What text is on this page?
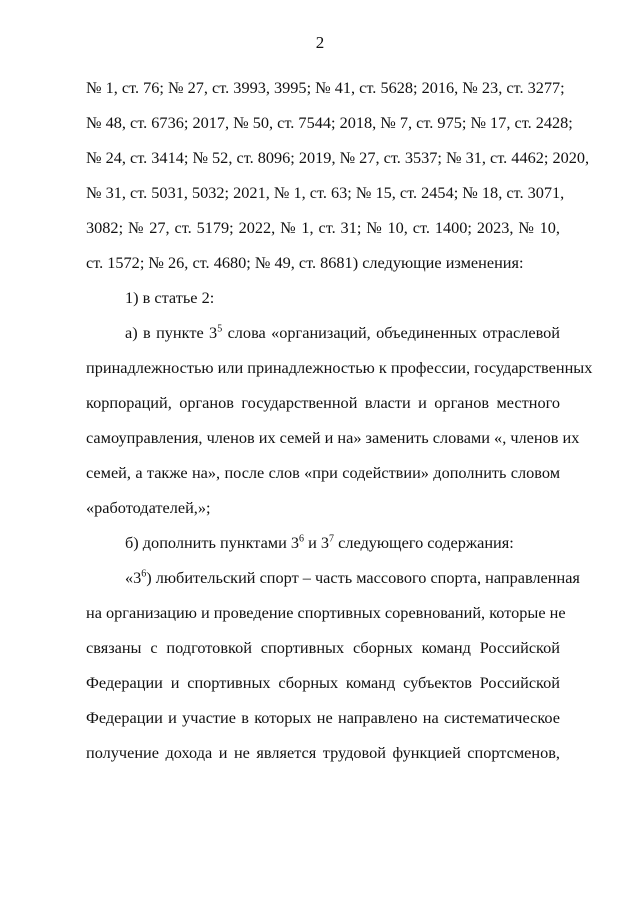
2
№ 1, ст. 76; № 27, ст. 3993, 3995; № 41, ст. 5628; 2016, № 23, ст. 3277;
№ 48, ст. 6736; 2017, № 50, ст. 7544; 2018, № 7, ст. 975; № 17, ст. 2428;
№ 24, ст. 3414; № 52, ст. 8096; 2019, № 27, ст. 3537; № 31, ст. 4462; 2020,
№ 31, ст. 5031, 5032; 2021, № 1, ст. 63; № 15, ст. 2454; № 18, ст. 3071,
3082; № 27, ст. 5179; 2022, № 1, ст. 31; № 10, ст. 1400; 2023, № 10,
ст. 1572; № 26, ст. 4680; № 49, ст. 8681) следующие изменения:
1) в статье 2:
а) в пункте $3^5$ слова «организаций, объединенных отраслевой
принадлежностью или принадлежностью к профессии, государственных
корпораций, органов государственной власти и органов местного
самоуправления, членов их семей и на» заменить словами «, членов их
семей, а также на», после слов «при содействии» дополнить словом
«работодателей,»;
б) дополнить пунктами $3^6$ и $3^7$ следующего содержания:
«$3^6$) любительский спорт – часть массового спорта, направленная
на организацию и проведение спортивных соревнований, которые не
связаны с подготовкой спортивных сборных команд Российской
Федерации и спортивных сборных команд субъектов Российской
Федерации и участие в которых не направлено на систематическое
получение дохода и не является трудовой функцией спортсменов,
